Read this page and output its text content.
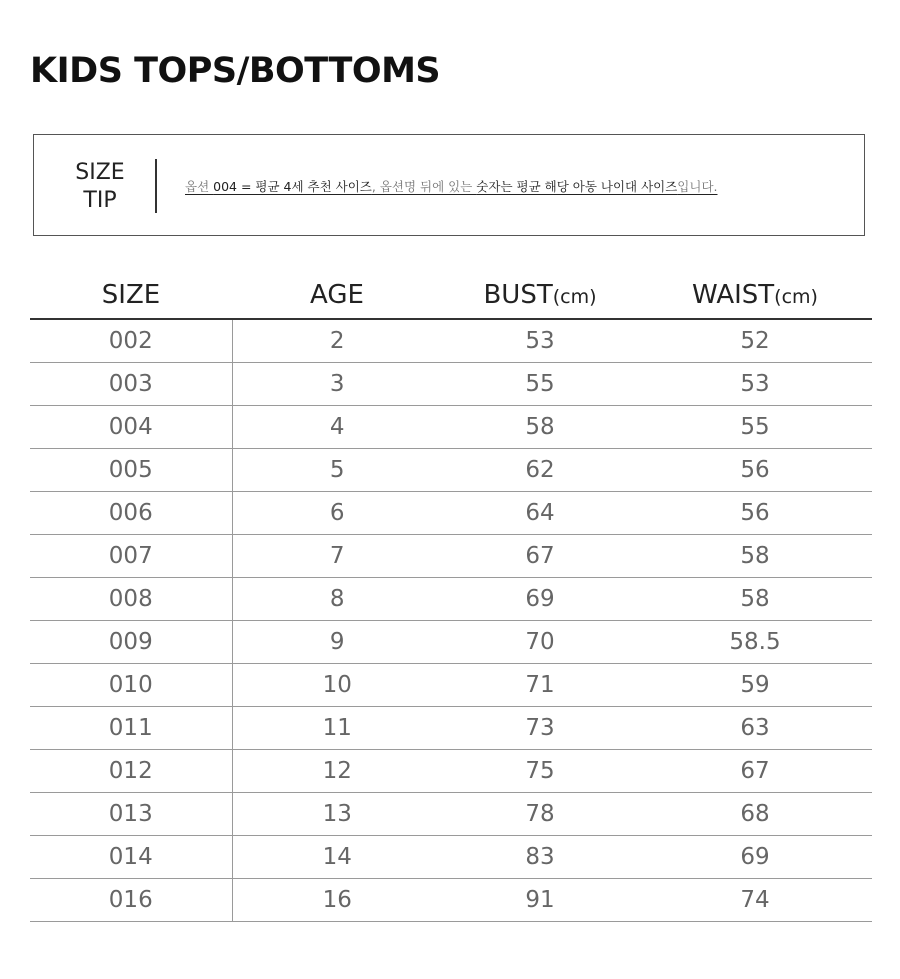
KIDS TOPS/BOTTOMS
SIZE
TIP
옵션 004 = 평균 4세 추천 사이즈, 옵션명 뒤에 있는 숫자는 평균 해당 아동 나이대 사이즈입니다.
SIZE	AGE	BUST(cm)	WAIST(cm)
002	2	53	52
003	3	55	53
004	4	58	55
005	5	62	56
006	6	64	56
007	7	67	58
008	8	69	58
009	9	70	58.5
010	10	71	59
011	11	73	63
012	12	75	67
013	13	78	68
014	14	83	69
016	16	91	74
